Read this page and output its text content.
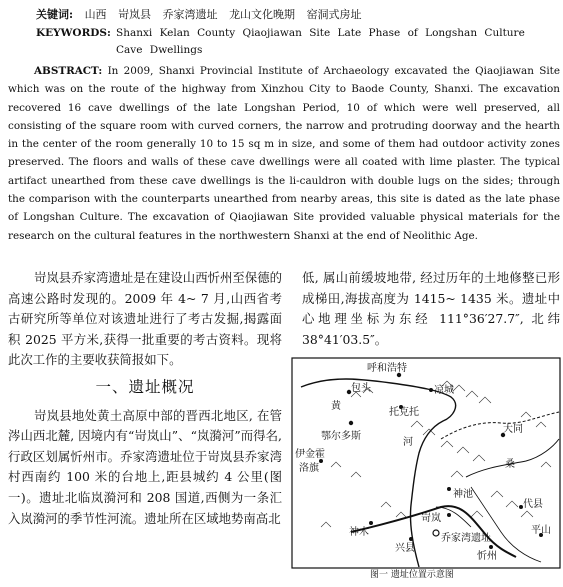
关键词: 山西 岢岚县 乔家湾遗址 龙山文化晚期 窑洞式房址
KEYWORDS: Shanxi Kelan County Qiaojiawan Site Late Phase of Longshan Culture Cave Dwellings
ABSTRACT: In 2009, Shanxi Provincial Institute of Archaeology excavated the Qiaojiawan Site which was on the route of the highway from Xinzhou City to Baode County, Shanxi. The excavation recovered 16 cave dwellings of the late Longshan Period, 10 of which were well preserved, all consisting of the square room with curved corners, the narrow and protruding doorway and the hearth in the center of the room generally 10 to 15 sq m in size, and some of them had outdoor activity zones preserved. The floors and walls of these cave dwellings were all coated with lime plaster. The typical artifact unearthed from these cave dwellings is the li-cauldron with double lugs on the sides; through the comparison with the counterparts unearthed from nearby areas, this site is dated as the late phase of Longshan Culture. The excavation of Qiaojiawan Site provided valuable physical materials for the research on the cultural features in the northwestern Shanxi at the end of Neolithic Age.

岢岚县乔家湾遗址是在建设山西忻州至保德的高速公路时发现的。2009 年 4~ 7 月,山西省考古研究所等单位对该遗址进行了考古发掘,揭露面积 2025 平方米,获得一批重要的考古资料。现将此次工作的主要收获简报如下。

一、遗址概况

岢岚县地处黄土高原中部的晋西北地区, 在管涔山西北麓, 因境内有“岢岚山”、“岚漪河”而得名,行政区划属忻州市。乔家湾遗址位于岢岚县乔家湾村西南约 100 米的台地上,距县城约 4 公里(图一)。遗址北临岚漪河和 208 国道,西侧为一条汇入岚漪河的季节性河流。遗址所在区域地势南高北

低, 属山前缓坡地带, 经过历年的土地修整已形成梯田,海拔高度为 1415~ 1435 米。遗址中心地理坐标为东经 111°36′27.7″, 北纬 38°41′03.5″。

包头
呼和浩特
凉城
托克托
黄
河
鄂尔多斯
大同
桑
伊金霍
洛旗
神池
代县
神木
岢岚
兴县
乔家湾遗址
忻州
平山
图一 遗址位置示意图
